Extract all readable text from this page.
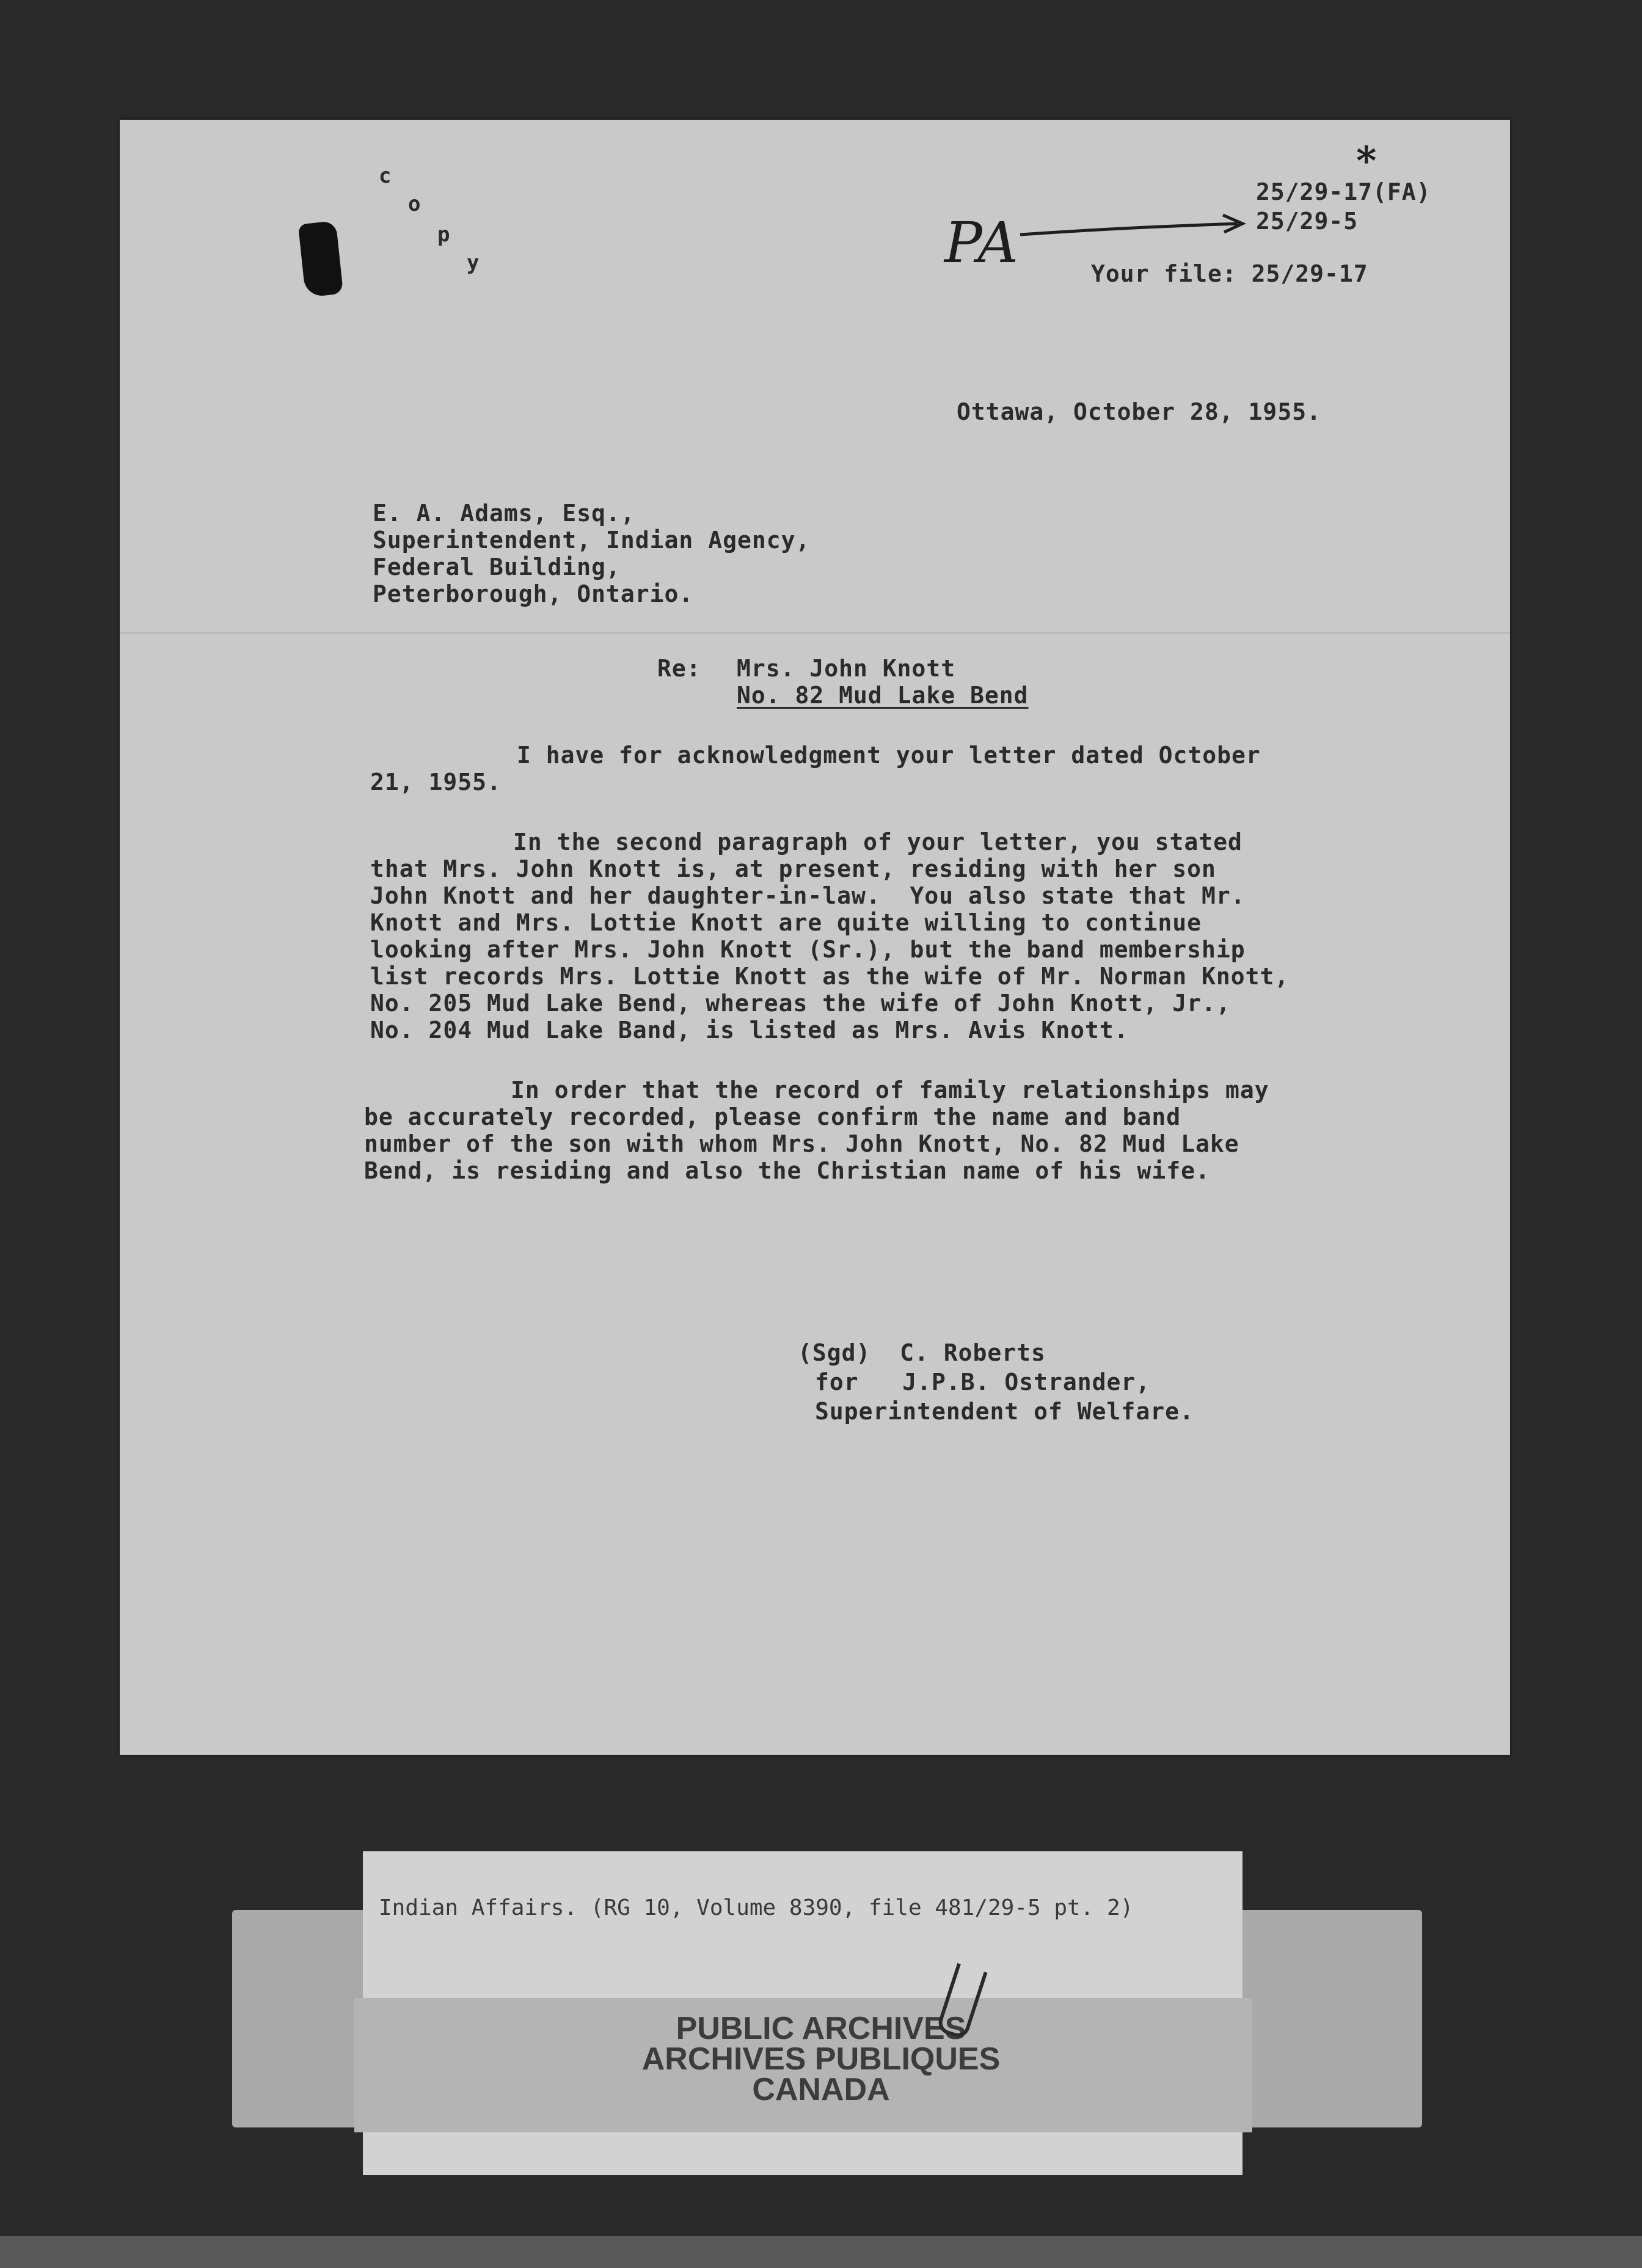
c
o
p
y
25/29-17(FA)
25/29-5
PA
*
Your file: 25/29-17
Ottawa, October 28, 1955.
E. A. Adams, Esq.,
Superintendent, Indian Agency,
Federal Building,
Peterborough, Ontario.
Re: Mrs. John Knott
No. 82 Mud Lake Bend
I have for acknowledgment your letter dated October
21, 1955.
In the second paragraph of your letter, you stated
that Mrs. John Knott is, at present, residing with her son
John Knott and her daughter-in-law.  You also state that Mr.
Knott and Mrs. Lottie Knott are quite willing to continue
looking after Mrs. John Knott (Sr.), but the band membership
list records Mrs. Lottie Knott as the wife of Mr. Norman Knott,
No. 205 Mud Lake Bend, whereas the wife of John Knott, Jr.,
No. 204 Mud Lake Band, is listed as Mrs. Avis Knott.
In order that the record of family relationships may
be accurately recorded, please confirm the name and band
number of the son with whom Mrs. John Knott, No. 82 Mud Lake
Bend, is residing and also the Christian name of his wife.
(Sgd)  C. Roberts
for   J.P.B. Ostrander,
Superintendent of Welfare.
Indian Affairs. (RG 10, Volume 8390, file 481/29-5 pt. 2)
PUBLIC ARCHIVES
ARCHIVES PUBLIQUES
CANADA
